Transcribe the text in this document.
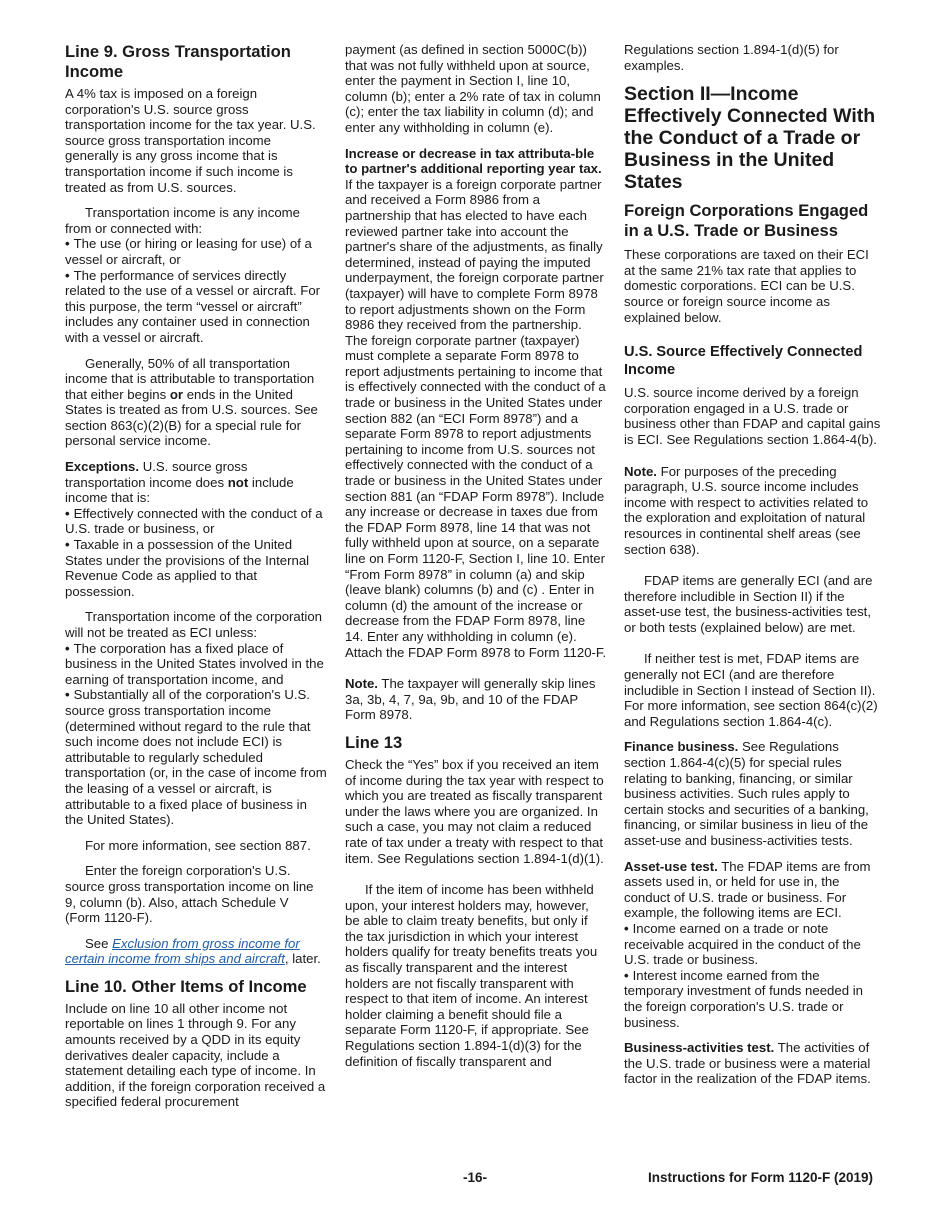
Line 9. Gross Transportation Income

A 4% tax is imposed on a foreign corporation's U.S. source gross transportation income for the tax year. U.S. source gross transportation income generally is any gross income that is transportation income if such income is treated as from U.S. sources.

Transportation income is any income from or connected with:

• The use (or hiring or leasing for use) of a vessel or aircraft, or

• The performance of services directly related to the use of a vessel or aircraft. For this purpose, the term “vessel or aircraft” includes any container used in connection with a vessel or aircraft.

Generally, 50% of all transportation income that is attributable to transportation that either begins or ends in the United States is treated as from U.S. sources. See section 863(c)(2)(B) for a special rule for personal service income.

Exceptions. U.S. source gross transportation income does not include income that is:

• Effectively connected with the conduct of a U.S. trade or business, or

• Taxable in a possession of the United States under the provisions of the Internal Revenue Code as applied to that possession.

Transportation income of the corporation will not be treated as ECI unless:

• The corporation has a fixed place of business in the United States involved in the earning of transportation income, and

• Substantially all of the corporation's U.S. source gross transportation income (determined without regard to the rule that such income does not include ECI) is attributable to regularly scheduled transportation (or, in the case of income from the leasing of a vessel or aircraft, is attributable to a fixed place of business in the United States).

For more information, see section 887.

Enter the foreign corporation's U.S. source gross transportation income on line 9, column (b). Also, attach Schedule V (Form 1120-F).

See Exclusion from gross income for certain income from ships and aircraft, later.

Line 10. Other Items of Income

Include on line 10 all other income not reportable on lines 1 through 9. For any amounts received by a QDD in its equity derivatives dealer capacity, include a statement detailing each type of income. In addition, if the foreign corporation received a specified federal procurement

payment (as defined in section 5000C(b)) that was not fully withheld upon at source, enter the payment in Section I, line 10, column (b); enter a 2% rate of tax in column (c); enter the tax liability in column (d); and enter any withholding in column (e).

Increase or decrease in tax attributa-ble to partner's additional reporting year tax. If the taxpayer is a foreign corporate partner and received a Form 8986 from a partnership that has elected to have each reviewed partner take into account the partner's share of the adjustments, as finally determined, instead of paying the imputed underpayment, the foreign corporate partner (taxpayer) will have to complete Form 8978 to report adjustments shown on the Form 8986 they received from the partnership. The foreign corporate partner (taxpayer) must complete a separate Form 8978 to report adjustments pertaining to income that is effectively connected with the conduct of a trade or business in the United States under section 882 (an “ECI Form 8978”) and a separate Form 8978 to report adjustments pertaining to income from U.S. sources not effectively connected with the conduct of a trade or business in the United States under section 881 (an “FDAP Form 8978”). Include any increase or decrease in taxes due from the FDAP Form 8978, line 14 that was not fully withheld upon at source, on a separate line on Form 1120-F, Section I, line 10. Enter “From Form 8978” in column (a) and skip (leave blank) columns (b) and (c) . Enter in column (d) the amount of the increase or decrease from the FDAP Form 8978, line 14. Enter any withholding in column (e). Attach the FDAP Form 8978 to Form 1120-F.

Note. The taxpayer will generally skip lines 3a, 3b, 4, 7, 9a, 9b, and 10 of the FDAP Form 8978.

Line 13

Check the “Yes” box if you received an item of income during the tax year with respect to which you are treated as fiscally transparent under the laws where you are organized. In such a case, you may not claim a reduced rate of tax under a treaty with respect to that item. See Regulations section 1.894-1(d)(1).

If the item of income has been withheld upon, your interest holders may, however, be able to claim treaty benefits, but only if the tax jurisdiction in which your interest holders qualify for treaty benefits treats you as fiscally transparent and the interest holders are not fiscally transparent with respect to that item of income. An interest holder claiming a benefit should file a separate Form 1120-F, if appropriate. See Regulations section 1.894-1(d)(3) for the definition of fiscally transparent and

Regulations section 1.894-1(d)(5) for examples.

Section II—Income Effectively Connected With the Conduct of a Trade or Business in the United States
Foreign Corporations Engaged in a U.S. Trade or Business

These corporations are taxed on their ECI at the same 21% tax rate that applies to domestic corporations. ECI can be U.S. source or foreign source income as explained below.

U.S. Source Effectively Connected Income

U.S. source income derived by a foreign corporation engaged in a U.S. trade or business other than FDAP and capital gains is ECI. See Regulations section 1.864-4(b).

Note. For purposes of the preceding paragraph, U.S. source income includes income with respect to activities related to the exploration and exploitation of natural resources in continental shelf areas (see section 638).

FDAP items are generally ECI (and are therefore includible in Section II) if the asset-use test, the business-activities test, or both tests (explained below) are met.

If neither test is met, FDAP items are generally not ECI (and are therefore includible in Section I instead of Section II). For more information, see section 864(c)(2) and Regulations section 1.864-4(c).

Finance business. See Regulations section 1.864-4(c)(5) for special rules relating to banking, financing, or similar business activities. Such rules apply to certain stocks and securities of a banking, financing, or similar business in lieu of the asset-use and business-activities tests.

Asset-use test. The FDAP items are from assets used in, or held for use in, the conduct of U.S. trade or business. For example, the following items are ECI.

• Income earned on a trade or note receivable acquired in the conduct of the U.S. trade or business.

• Interest income earned from the temporary investment of funds needed in the foreign corporation's U.S. trade or business.

Business-activities test. The activities of the U.S. trade or business were a material factor in the realization of the FDAP items.

-16-	Instructions for Form 1120-F (2019)
